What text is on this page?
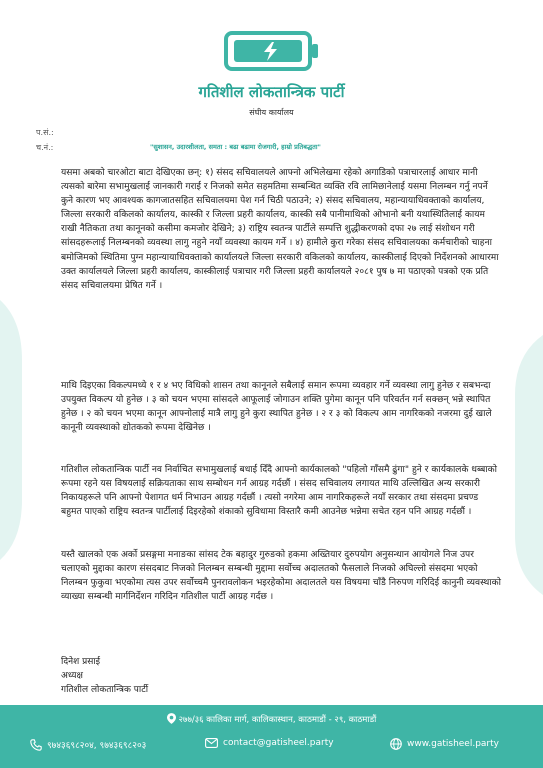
गतिशील लोकतान्त्रिक पार्टी
संघीय कार्यालय
प.सं.:
च.नं.:	"सुशासन, उदारशीलता, समता : बढा बढामा रोजगारी, हाम्रो प्रतिबद्धता"
यसमा अबको चारओटा बाटा देखिएका छन्: १) संसद सचिवालयले आफ्नो अभिलेखमा रहेको अगाडिको पत्राचारलाई आधार मानी त्यसको बारेमा सभामुखलाई जानकारी गराई र निजको समेत सहमतिमा सम्बन्धित व्यक्ति रवि लामिछानेलाई यसमा निलम्बन गर्नु नपर्ने कुने कारण भए आवश्यक कागजातसहित सचिवालयमा पेश गर्न चिठी पठाउने; २) संसद सचिवालय, महान्यायाधिवक्ताको कार्यालय, जिल्ला सरकारी वकिलको कार्यालय, कास्की र जिल्ला प्रहरी कार्यालय, कास्की सबै पानीमाथिको ओभानो बनी यथास्थितिलाई कायम राखी नैतिकता तथा कानूनको कसीमा कमजोर देखिने; ३) राष्ट्रिय स्वतन्त्र पार्टीले सम्पत्ति शुद्धीकरणको दफा २७ लाई संशोधन गरी सांसदहरूलाई निलम्बनको व्यवस्था लागु नहुने नयाँ व्यवस्था कायम गर्ने । ४) हामीले कुरा गरेका संसद सचिवालयका कर्मचारीको चाहना बमोजिमको स्थितिमा पुग्न महान्यायाधिवक्ताको कार्यालयले जिल्ला सरकारी वकिलको कार्यालय, कास्कीलाई दिएको निर्देशनको आधारमा उक्त कार्यालयले जिल्ला प्रहरी कार्यालय, कास्कीलाई पत्राचार गरी जिल्ला प्रहरी कार्यालयले २०८१ पुष ७ मा पठाएको पत्रको एक प्रति संसद सचिवालयमा प्रेषित गर्ने ।
माथि दिइएका विकल्पमध्ये १ र ४ भए विधिको शासन तथा कानूनले सबैलाई समान रूपमा व्यवहार गर्ने व्यवस्था लागु हुनेछ र सबभन्दा उपयुक्त विकल्प यो हुनेछ । ३ को चयन भएमा सांसदले आफूलाई जोगाउन शक्ति पुगेमा कानून पनि परिवर्तन गर्न सक्छन् भन्ने स्थापित हुनेछ । २ को चयन भएमा कानून आफ्नोलाई मात्रै लागु हुने कुरा स्थापित हुनेछ । २ र ३ को विकल्प आम नागरिकको नजरमा दुई खाले कानूनी व्यवस्थाको द्योतकको रूपमा देखिनेछ ।
गतिशील लोकतान्त्रिक पार्टी नव निर्वाचित सभामुखलाई बधाई दिँदै आफ्नो कार्यकालको "पहिलो गाँसमै ढुंगा" हुने र कार्यकालके धब्बाको रूपमा रहने यस विषयलाई सक्रियताका साथ सम्बोधन गर्न आग्रह गर्दछौं । संसद सचिवालय लगायत माथि उल्लिखित अन्य सरकारी निकायहरूले पनि आफ्नो पेशागत धर्म निभाउन आग्रह गर्दछौं । त्यसो नगरेमा आम नागरिकहरूले नयाँ सरकार तथा संसदमा प्रचण्ड बहुमत पाएको राष्ट्रिय स्वतन्त्र पार्टीलाई दिइरहेको शंकाको सुविधामा विस्तारै कमी आउनेछ भन्नेमा सचेत रहन पनि आग्रह गर्दछौं ।
यस्तै खालको एक अर्को प्रसङ्गमा मनाङका सांसद टेक बहादुर गुरुङको हकमा अख्तियार दुरुपयोग अनुसन्धान आयोगले निज उपर चलाएको मुद्दाका कारण संसदबाट निजको निलम्बन सम्बन्धी मुद्दामा सर्वोच्च अदालतको फैसलाले निजको अघिल्लो संसदमा भएको निलम्बन फुकुवा भएकोमा त्यस उपर सर्वोच्चमै पुनरावलोकन भइरहेकोमा अदालतले यस विषयमा चाँडै निरुपण गरिदिई कानुनी व्यवस्थाको व्याख्या सम्बन्धी मार्गनिर्देशन गरिदिन गतिशील पार्टी आग्रह गर्दछ ।
दिनेश प्रसाई
अध्यक्ष
गतिशील लोकतान्त्रिक पार्टी
२७७/३६ कालिका मार्ग, कालिकास्थान, काठमाडौं - २९, काठमाडौं
९७४३६९८२०४, ९७४३६९८२०३	contact@gatisheel.party	www.gatisheel.party
